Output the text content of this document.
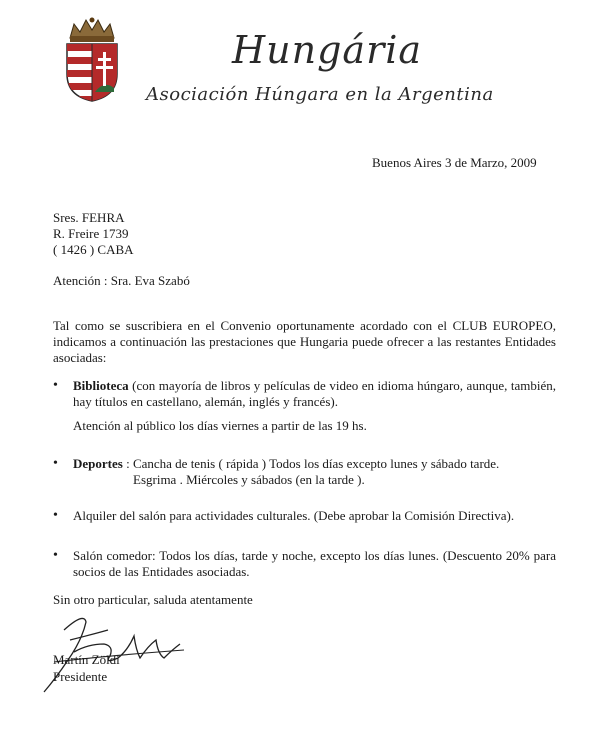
Hungária
Asociación Húngara en la Argentina
Buenos Aires 3 de Marzo, 2009
Sres. FEHRA
R. Freire 1739
( 1426 ) CABA
Atención : Sra. Eva Szabó
Tal como se suscribiera en el Convenio oportunamente acordado con el CLUB EUROPEO, indicamos a continuación las prestaciones que Hungaria puede ofrecer a las restantes Entidades asociadas:
• Biblioteca (con mayoría de libros y películas de video en idioma húngaro, aunque, también, hay títulos en castellano, alemán, inglés y francés).
Atención al público los días viernes a partir de las 19 hs.
• Deportes : Cancha de tenis ( rápida ) Todos los días excepto lunes y sábado tarde.
Esgrima . Miércoles y sábados (en la tarde ).
• Alquiler del salón para actividades culturales. (Debe aprobar la Comisión Directiva).
• Salón comedor: Todos los días, tarde y noche, excepto los días lunes. (Descuento 20% para socios de las Entidades asociadas.
Sin otro particular, saluda atentamente
Martín Zöldi
Presidente
